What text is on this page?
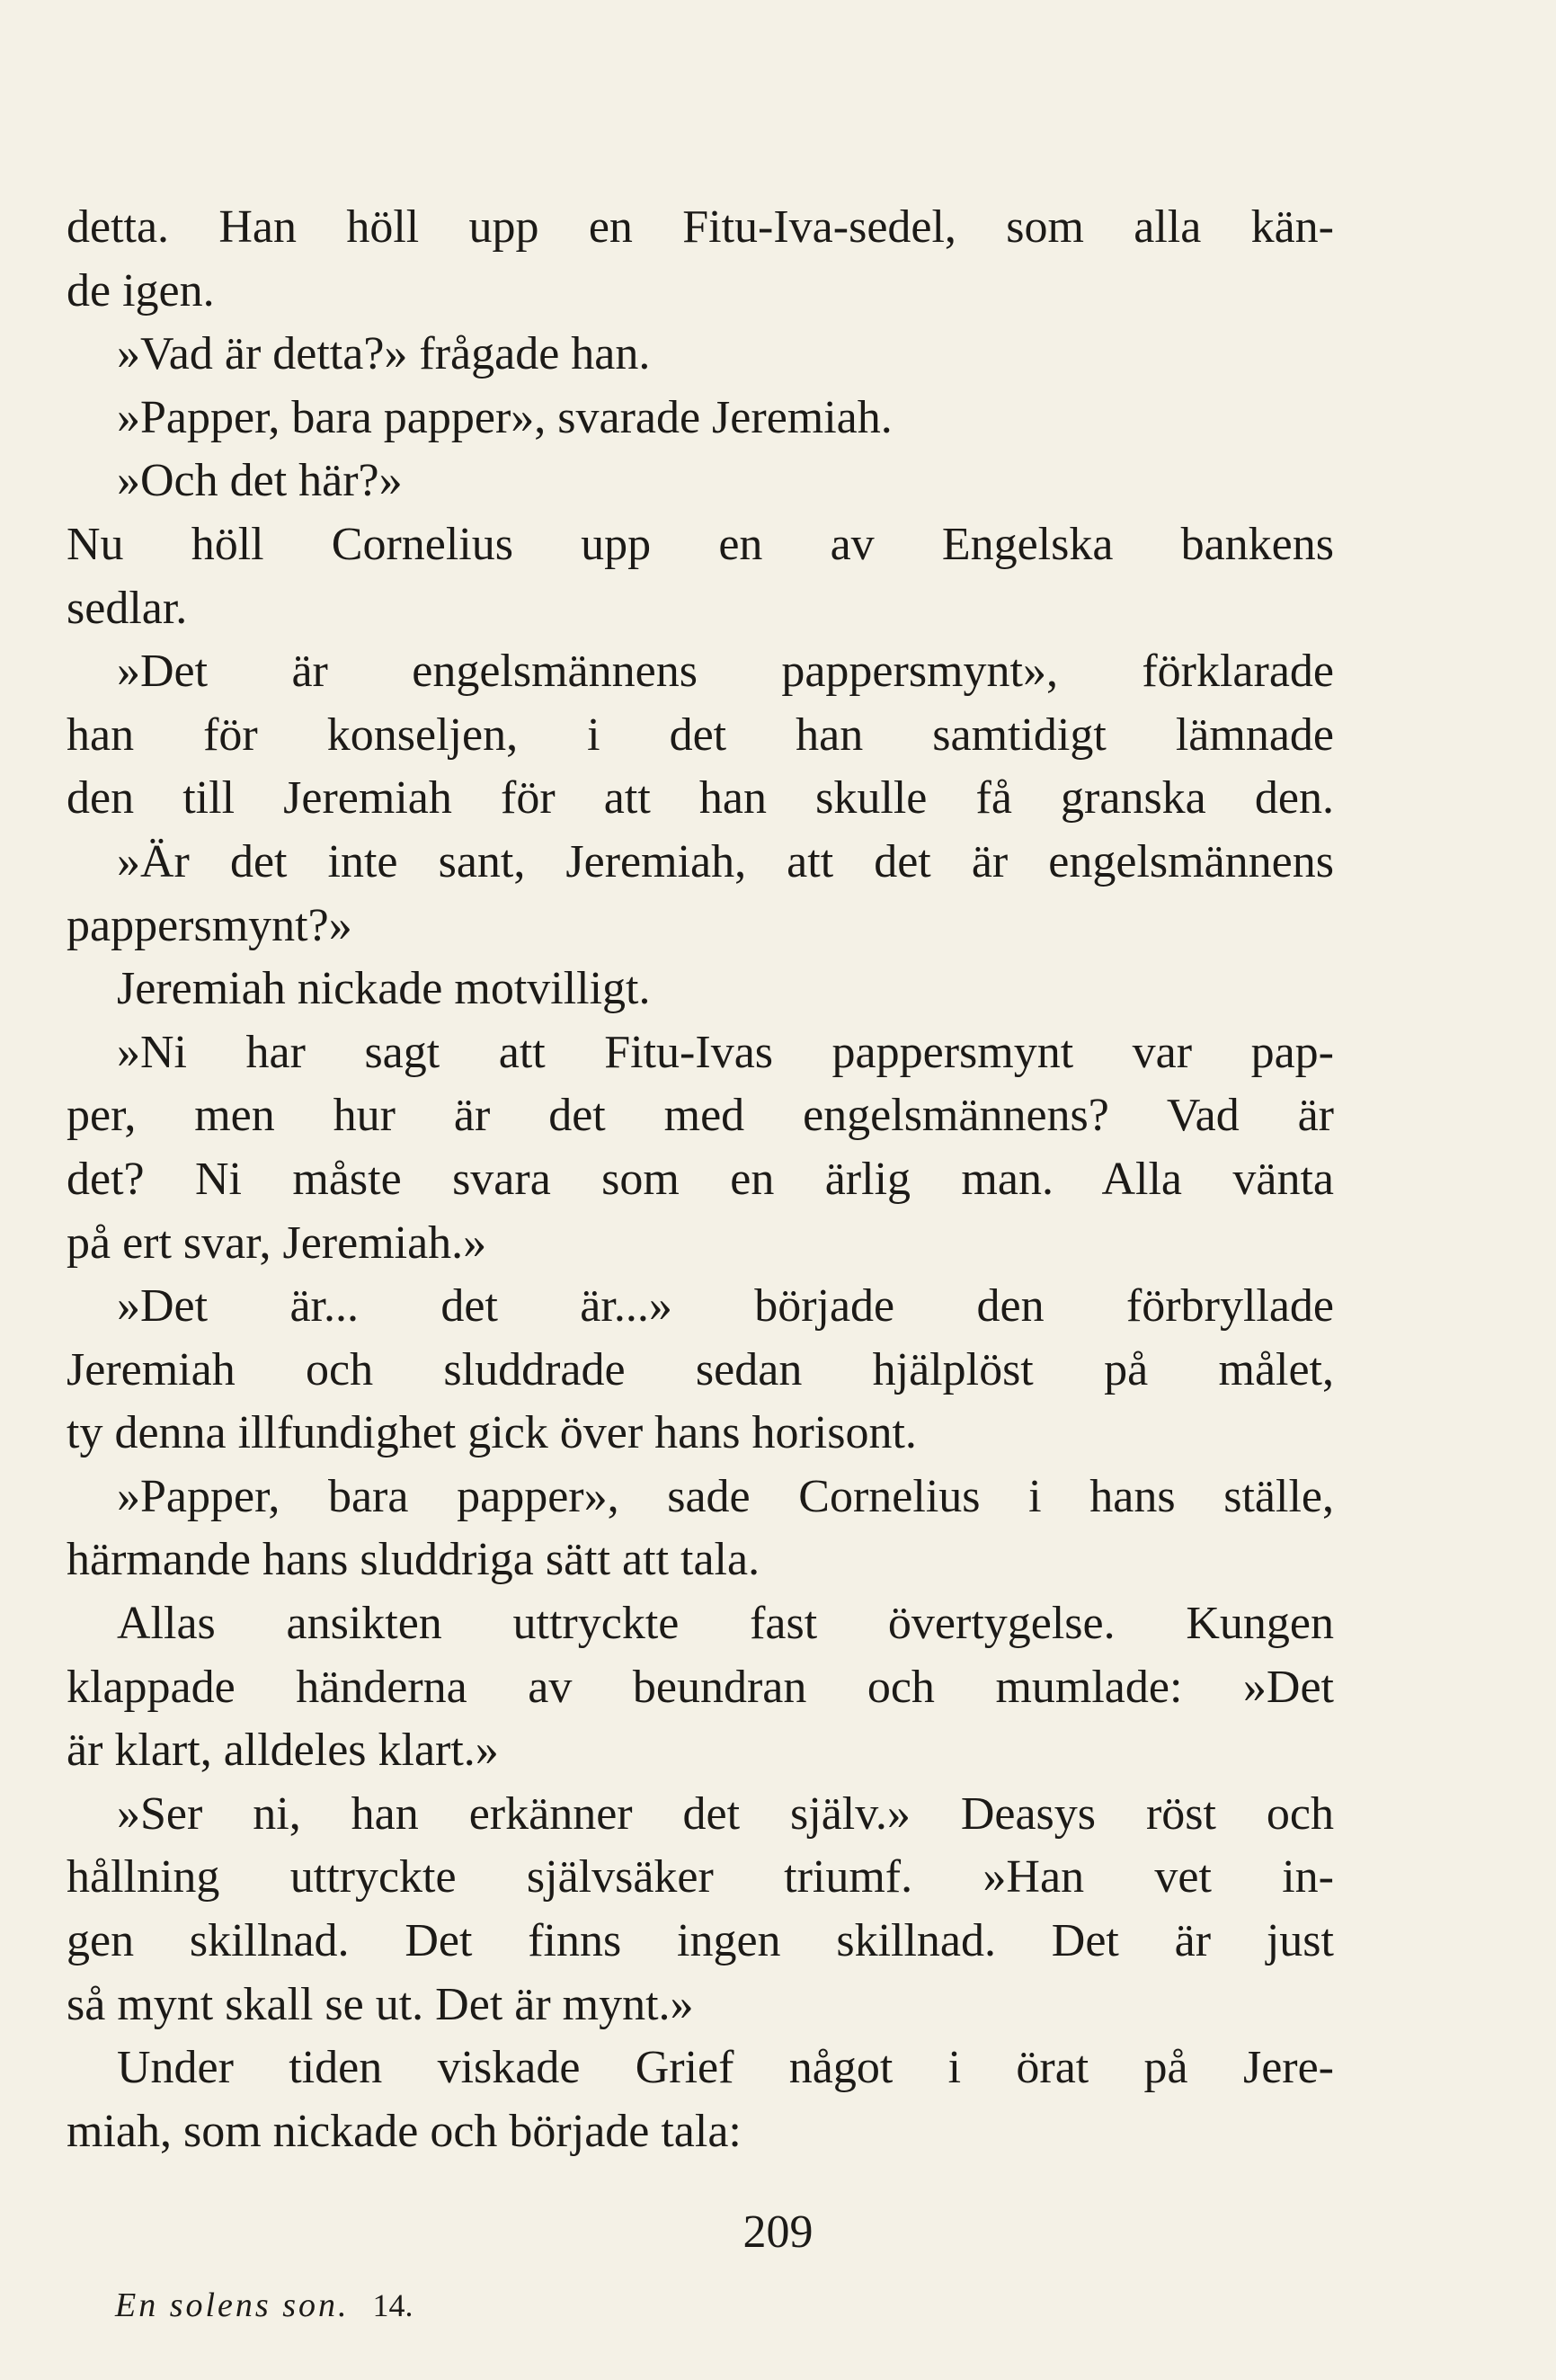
detta. Han höll upp en Fitu-Iva-sedel, som alla kän-
de igen.
»Vad är detta?» frågade han.
»Papper, bara papper», svarade Jeremiah.
»Och det här?»
Nu höll Cornelius upp en av Engelska bankens
sedlar.
»Det är engelsmännens pappersmynt», förklarade
han för konseljen, i det han samtidigt lämnade
den till Jeremiah för att han skulle få granska den.
»Är det inte sant, Jeremiah, att det är engelsmännens
pappersmynt?»
Jeremiah nickade motvilligt.
»Ni har sagt att Fitu-Ivas pappersmynt var pap-
per, men hur är det med engelsmännens? Vad är
det? Ni måste svara som en ärlig man. Alla vänta
på ert svar, Jeremiah.»
»Det är... det är...» började den förbryllade
Jeremiah och sluddrade sedan hjälplöst på målet,
ty denna illfundighet gick över hans horisont.
»Papper, bara papper», sade Cornelius i hans ställe,
härmande hans sluddriga sätt att tala.
Allas ansikten uttryckte fast övertygelse. Kungen
klappade händerna av beundran och mumlade: »Det
är klart, alldeles klart.»
»Ser ni, han erkänner det själv.» Deasys röst och
hållning uttryckte självsäker triumf. »Han vet in-
gen skillnad. Det finns ingen skillnad. Det är just
så mynt skall se ut. Det är mynt.»
Under tiden viskade Grief något i örat på Jere-
miah, som nickade och började tala:
209
En solens son. 14.
